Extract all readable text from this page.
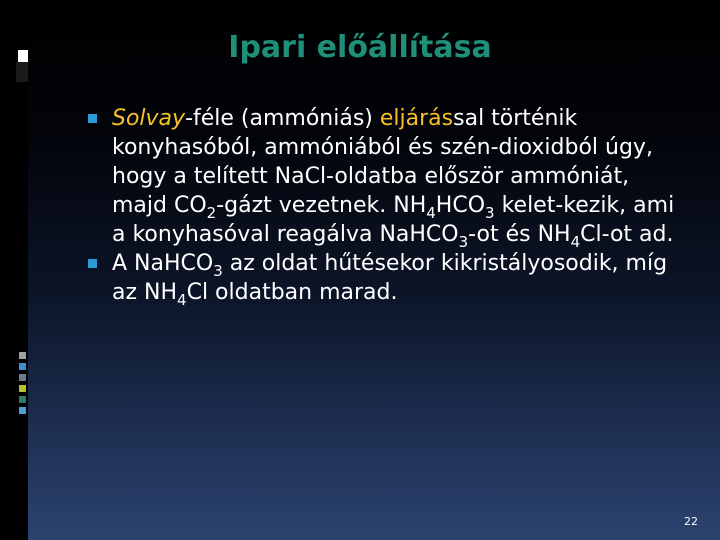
Ipari előállítása

Solvay-féle (ammóniás) eljárással történik konyhasóból, ammóniából és szén-dioxidból úgy, hogy a telített NaCl-oldatba először ammóniát, majd $CO_2$-gázt vezetnek. $NH_4HCO_3$ kelet-kezik, ami a konyhasóval reagálva NaHCO$_3$-ot és $NH_4Cl-ot$ ad.

A NaHCO$_3$ az oldat hűtésekor kikristályosodik, míg az $NH_4Cl$ oldatban marad.

22
